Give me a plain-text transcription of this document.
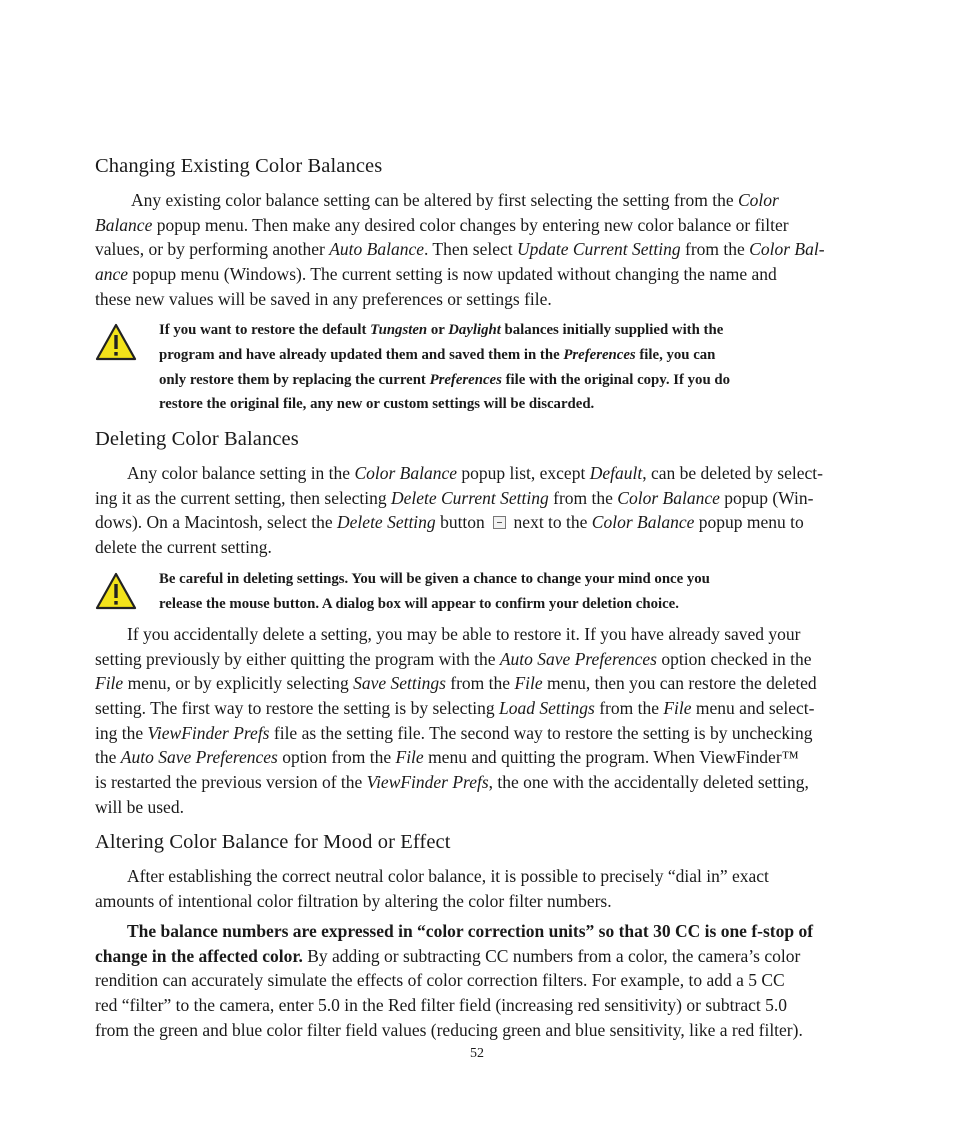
Changing Existing Color Balances
Any existing color balance setting can be altered by first selecting the setting from the Color
Balance popup menu. Then make any desired color changes by entering new color balance or filter
values, or by performing another Auto Balance. Then select Update Current Setting from the Color Bal-
ance popup menu (Windows). The current setting is now updated without changing the name and
these new values will be saved in any preferences or settings file.
If you want to restore the default Tungsten or Daylight balances initially supplied with the
program and have already updated them and saved them in the Preferences file, you can
only restore them by replacing the current Preferences file with the original copy. If you do
restore the original file, any new or custom settings will be discarded.
Deleting Color Balances
Any color balance setting in the Color Balance popup list, except Default, can be deleted by select-
ing it as the current setting, then selecting Delete Current Setting from the Color Balance popup (Win-
dows). On a Macintosh, select the Delete Setting button  next to the Color Balance popup menu to
delete the current setting.
Be careful in deleting settings. You will be given a chance to change your mind once you
release the mouse button. A dialog box will appear to confirm your deletion choice.
If you accidentally delete a setting, you may be able to restore it. If you have already saved your
setting previously by either quitting the program with the Auto Save Preferences option checked in the
File menu, or by explicitly selecting Save Settings from the File menu, then you can restore the deleted
setting. The first way to restore the setting is by selecting Load Settings from the File menu and select-
ing the ViewFinder Prefs file as the setting file. The second way to restore the setting is by unchecking
the Auto Save Preferences option from the File menu and quitting the program. When ViewFinder™
is restarted the previous version of the ViewFinder Prefs, the one with the accidentally deleted setting,
will be used.
Altering Color Balance for Mood or Effect
After establishing the correct neutral color balance, it is possible to precisely “dial in” exact
amounts of intentional color filtration by altering the color filter numbers.
The balance numbers are expressed in “color correction units” so that 30 CC is one f-stop of
change in the affected color. By adding or subtracting CC numbers from a color, the camera’s color
rendition can accurately simulate the effects of color correction filters. For example, to add a 5 CC
red “filter” to the camera, enter 5.0 in the Red filter field (increasing red sensitivity) or subtract 5.0
from the green and blue color filter field values (reducing green and blue sensitivity, like a red filter).
52
